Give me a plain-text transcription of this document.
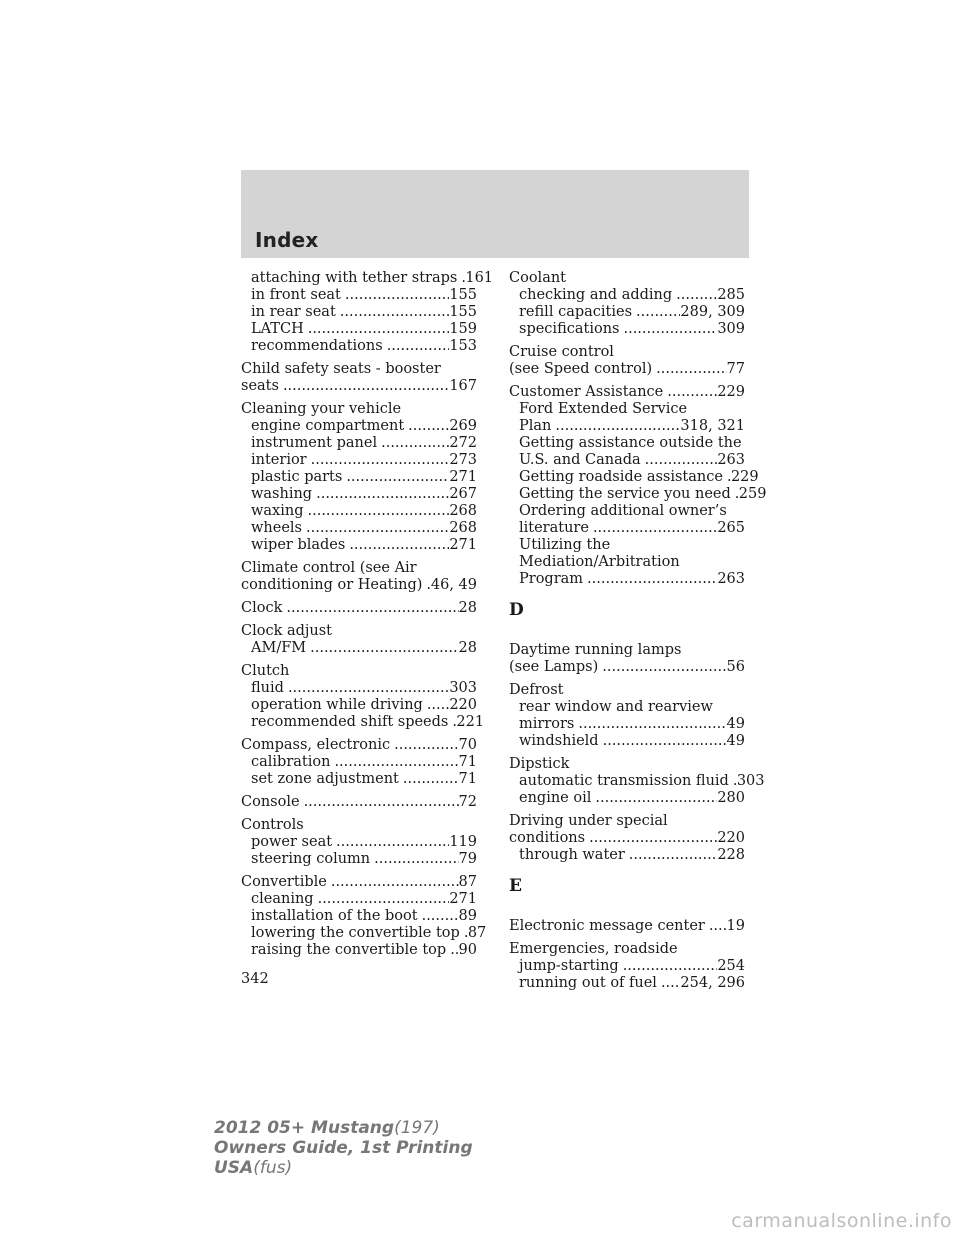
Index
attaching with tether straps ..... 161
in front seat .....	155
in rear seat .....	155
LATCH .....	159
recommendations .....	153
Child safety seats - booster
seats .....	167
Cleaning your vehicle
engine compartment .....	269
instrument panel .....	272
interior .....	273
plastic parts .....	271
washing .....	267
waxing .....	268
wheels .....	268
wiper blades .....	271
Climate control (see Air
conditioning or Heating) ..... 46, 49
Clock .....	28
Clock adjust
AM/FM .....	28
Clutch
fluid .....	303
operation while driving ..... 220
recommended shift speeds ..... 221
Compass, electronic .....	70
calibration .....	71
set zone adjustment .....	71
Console .....	72
Controls
power seat .....	119
steering column .....	79
Convertible .....	87
cleaning .....	271
installation of the boot .....	89
lowering the convertible top ..... 87
raising the convertible top ..... 90
Coolant
checking and adding .....	285
refill capacities .....	289, 309
specifications .....	309
Cruise control
(see Speed control) .....	77
Customer Assistance .....	229
Ford Extended Service
Plan .....	318, 321
Getting assistance outside the
U.S. and Canada .....	263
Getting roadside assistance ..... 229
Getting the service you need ..... 259
Ordering additional owner’s
literature .....	265
Utilizing the
Mediation/Arbitration
Program .....	263
D
Daytime running lamps
(see Lamps) .....	56
Defrost
rear window and rearview
mirrors .....	49
windshield .....	49
Dipstick
automatic transmission fluid ..... 303
engine oil .....	280
Driving under special
conditions .....	220
through water .....	228
E
Electronic message center ..... 19
Emergencies, roadside
jump-starting .....	254
running out of fuel ..... 254, 296
342
2012 05+ Mustang(197)
Owners Guide, 1st Printing
USA(fus)
carmanualsonline.info
